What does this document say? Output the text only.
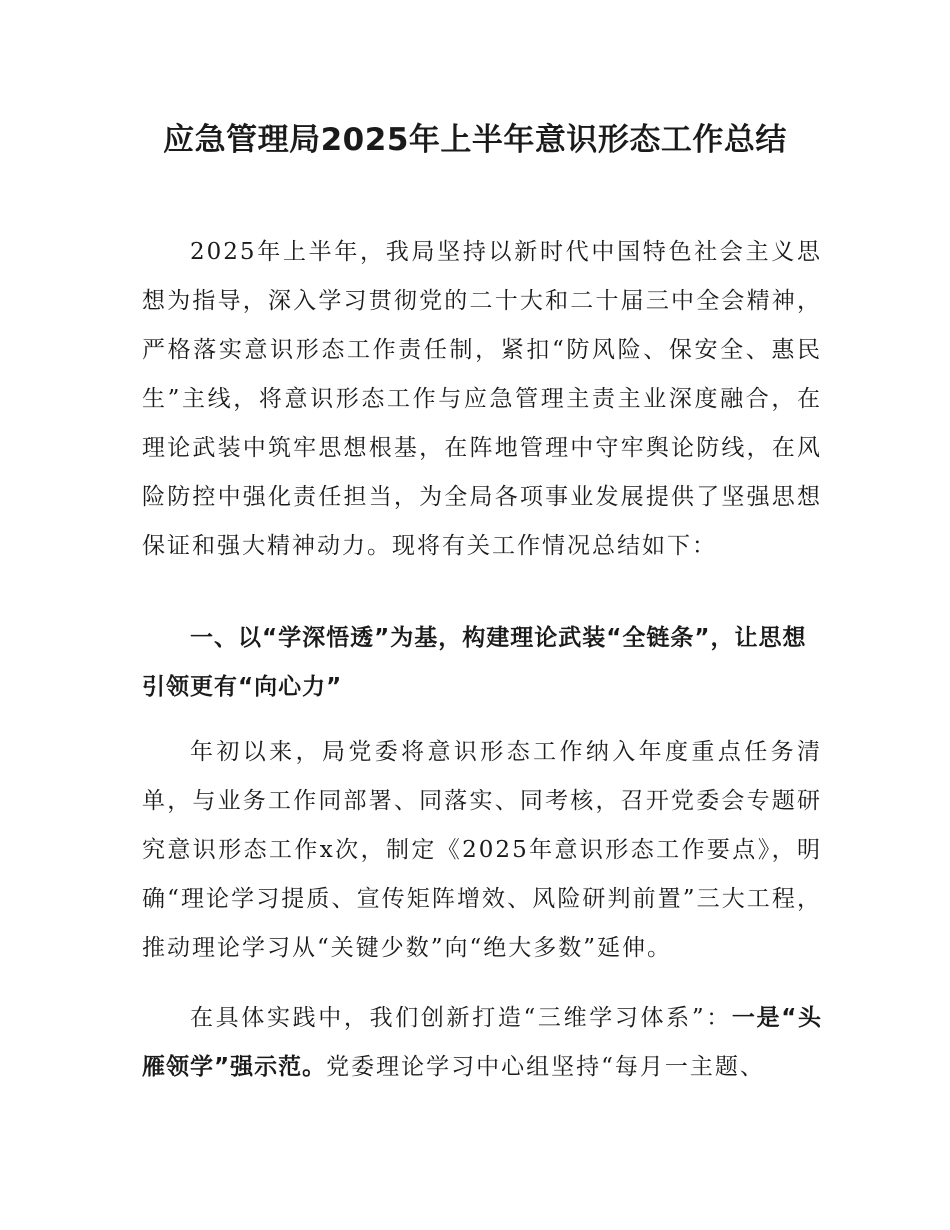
应急管理局2025年上半年意识形态工作总结

2025年上半年，我局坚持以新时代中国特色社会主义思想为指导，深入学习贯彻党的二十大和二十届三中全会精神，严格落实意识形态工作责任制，紧扣“防风险、保安全、惠民生”主线，将意识形态工作与应急管理主责主业深度融合，在理论武装中筑牢思想根基，在阵地管理中守牢舆论防线，在风险防控中强化责任担当，为全局各项事业发展提供了坚强思想保证和强大精神动力。现将有关工作情况总结如下：

一、以“学深悟透”为基，构建理论武装“全链条”，让思想引领更有“向心力”

年初以来，局党委将意识形态工作纳入年度重点任务清单，与业务工作同部署、同落实、同考核，召开党委会专题研究意识形态工作x次，制定《2025年意识形态工作要点》，明确“理论学习提质、宣传矩阵增效、风险研判前置”三大工程，推动理论学习从“关键少数”向“绝大多数”延伸。

在具体实践中，我们创新打造“三维学习体系”：一是“头雁领学”强示范。党委理论学习中心组坚持“每月一主题、
